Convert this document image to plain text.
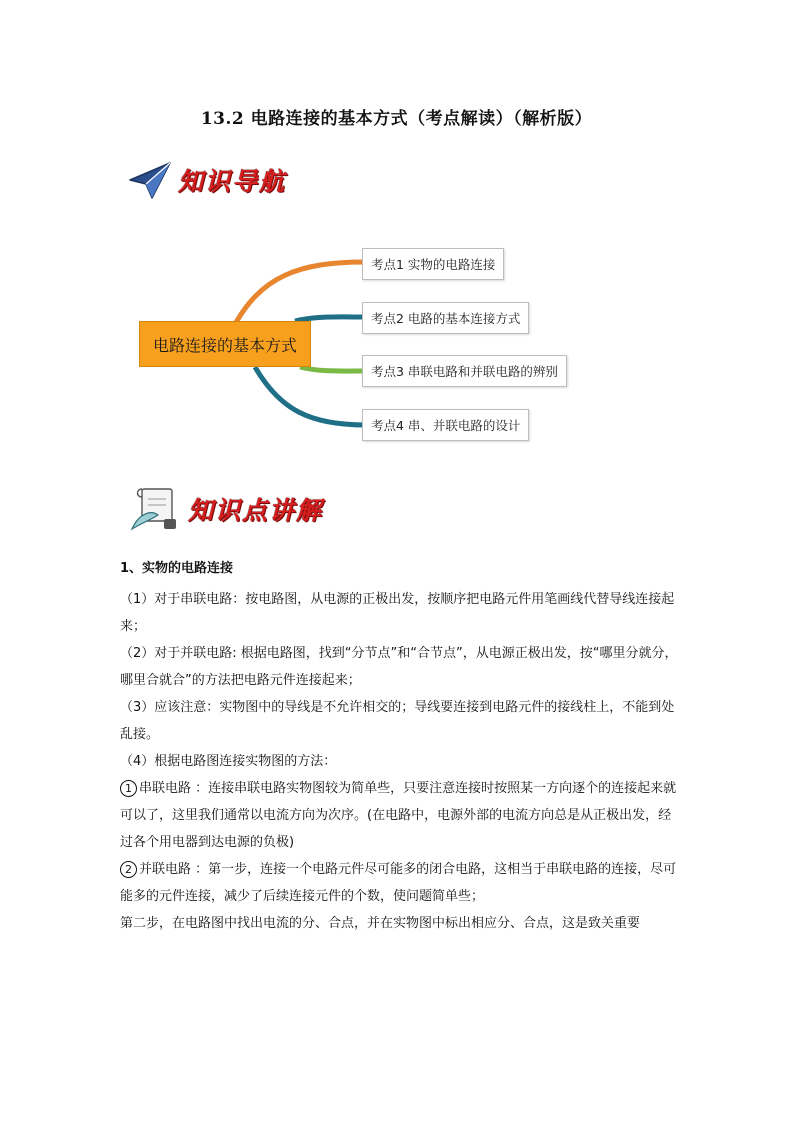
13.2 电路连接的基本方式（考点解读）（解析版）
知识导航
电路连接的基本方式
考点1 实物的电路连接
考点2 电路的基本连接方式
考点3 串联电路和并联电路的辨别
考点4 串、并联电路的设计
知识点讲解

1、实物的电路连接

（1）对于串联电路：按电路图，从电源的正极出发，按顺序把电路元件用笔画线代替导线连接起来；

（2）对于并联电路: 根据电路图，找到“分节点”和“合节点”，从电源正极出发，按“哪里分就分，哪里合就合”的方法把电路元件连接起来；

（3）应该注意：实物图中的导线是不允许相交的；导线要连接到电路元件的接线柱上，不能到处乱接。

（4）根据电路图连接实物图的方法：

1 串联电路 ：连接串联电路实物图较为简单些，只要注意连接时按照某一方向逐个的连接起来就可以了，这里我们通常以电流方向为次序。(在电路中，电源外部的电流方向总是从正极出发，经过各个用电器到达电源的负极)

2 并联电路 ：第一步，连接一个电路元件尽可能多的闭合电路，这相当于串联电路的连接，尽可能多的元件连接，减少了后续连接元件的个数，使问题简单些；

第二步，在电路图中找出电流的分、合点，并在实物图中标出相应分、合点，这是致关重要
